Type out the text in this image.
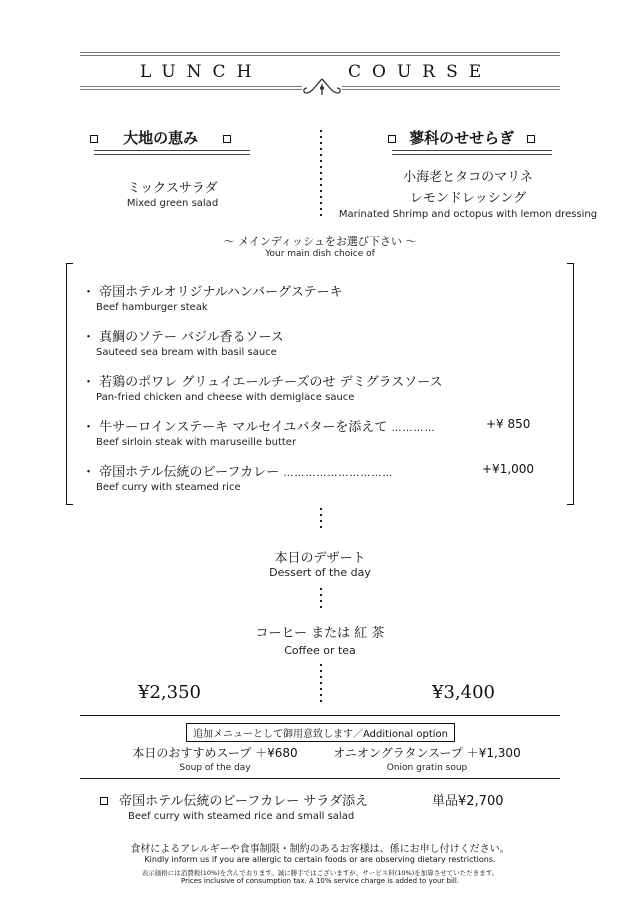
LUNCH	COURSE
大地の恵み	蓼科のせせらぎ
ミックスサラダ
Mixed green salad
小海老とタコのマリネ
レモンドレッシング
Marinated Shrimp and octopus with lemon dressing
～ メインディッシュをお選び下さい ～
Your main dish choice of
・ 帝国ホテルオリジナルハンバーグステーキ
Beef hamburger steak
・ 真鯛のソテー バジル香るソース
Sauteed sea bream with basil sauce
・ 若鶏のポワレ グリュイエールチーズのせ デミグラスソース
Pan-fried chicken and cheese with demiglace sauce
・ 牛サーロインステーキ マルセイユバターを添えて …………	+¥ 850
Beef sirloin steak with maruseille butter
・ 帝国ホテル伝統のビーフカレー …………………………	+¥1,000
Beef curry with steamed rice
本日のデザート
Dessert of the day
コーヒー または 紅 茶
Coffee or tea
¥2,350	¥3,400
追加メニューとして御用意致します／Additional option
本日のおすすめスープ ＋¥680
Soup of the day
オニオングラタンスープ ＋¥1,300
Onion gratin soup
帝国ホテル伝統のビーフカレー サラダ添え	単品¥2,700
Beef curry with steamed rice and small salad
食材によるアレルギーや食事制限・制約のあるお客様は、係にお申し付けください。
Kindly inform us if you are allergic to certain foods or are observing dietary restrictions.
表示価格には消費税(10%)を含んでおります。誠に勝手ではございますが、サービス料(10%)を加算させていただきます。
Prices inclusive of consumption tax. A 10% service charge is added to your bill.
